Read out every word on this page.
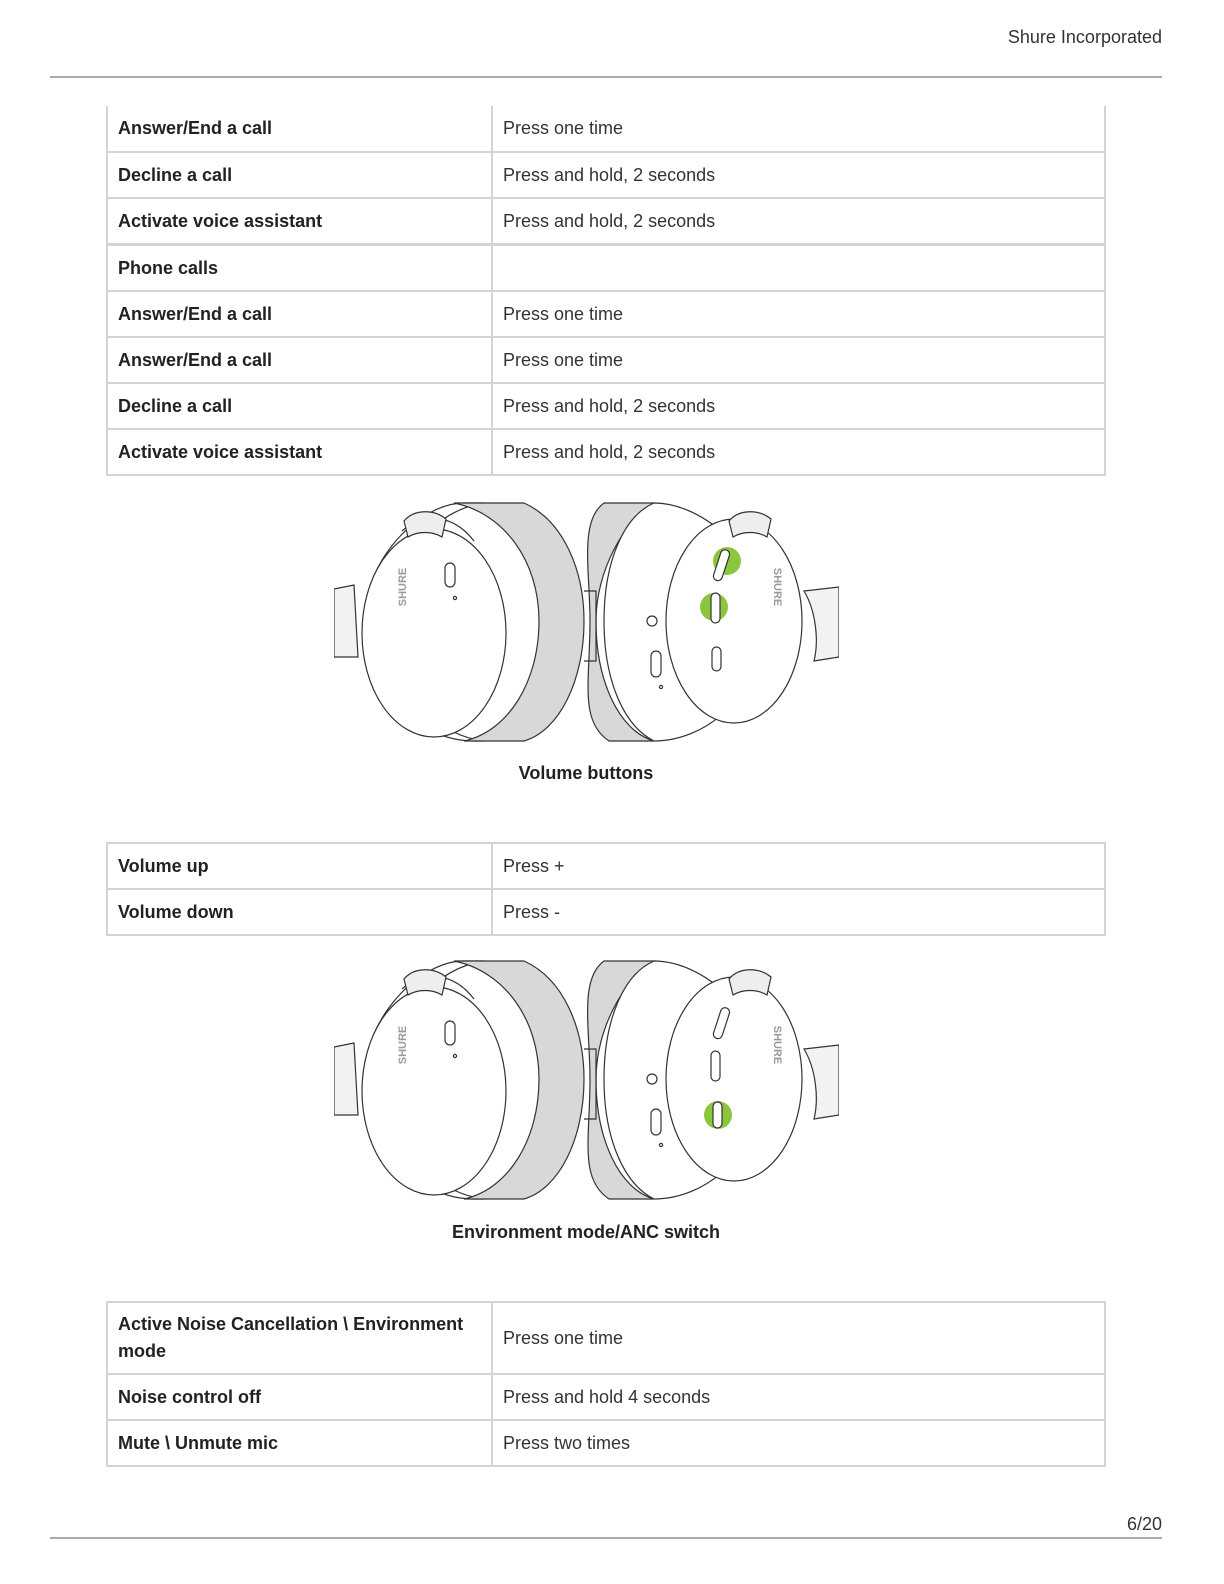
Shure Incorporated
Answer/End a call	Press one time
Decline a call	Press and hold, 2 seconds
Activate voice assistant	Press and hold, 2 seconds
Phone calls	
Answer/End a call	Press one time
Answer/End a call	Press one time
Decline a call	Press and hold, 2 seconds
Activate voice assistant	Press and hold, 2 seconds
SHURE	SHURE
Volume buttons
Volume up	Press +
Volume down	Press -
SHURE	SHURE
Environment mode/ANC switch
Active Noise Cancellation \ Environment mode	Press one time
Noise control off	Press and hold 4 seconds
Mute \ Unmute mic	Press two times
6/20
